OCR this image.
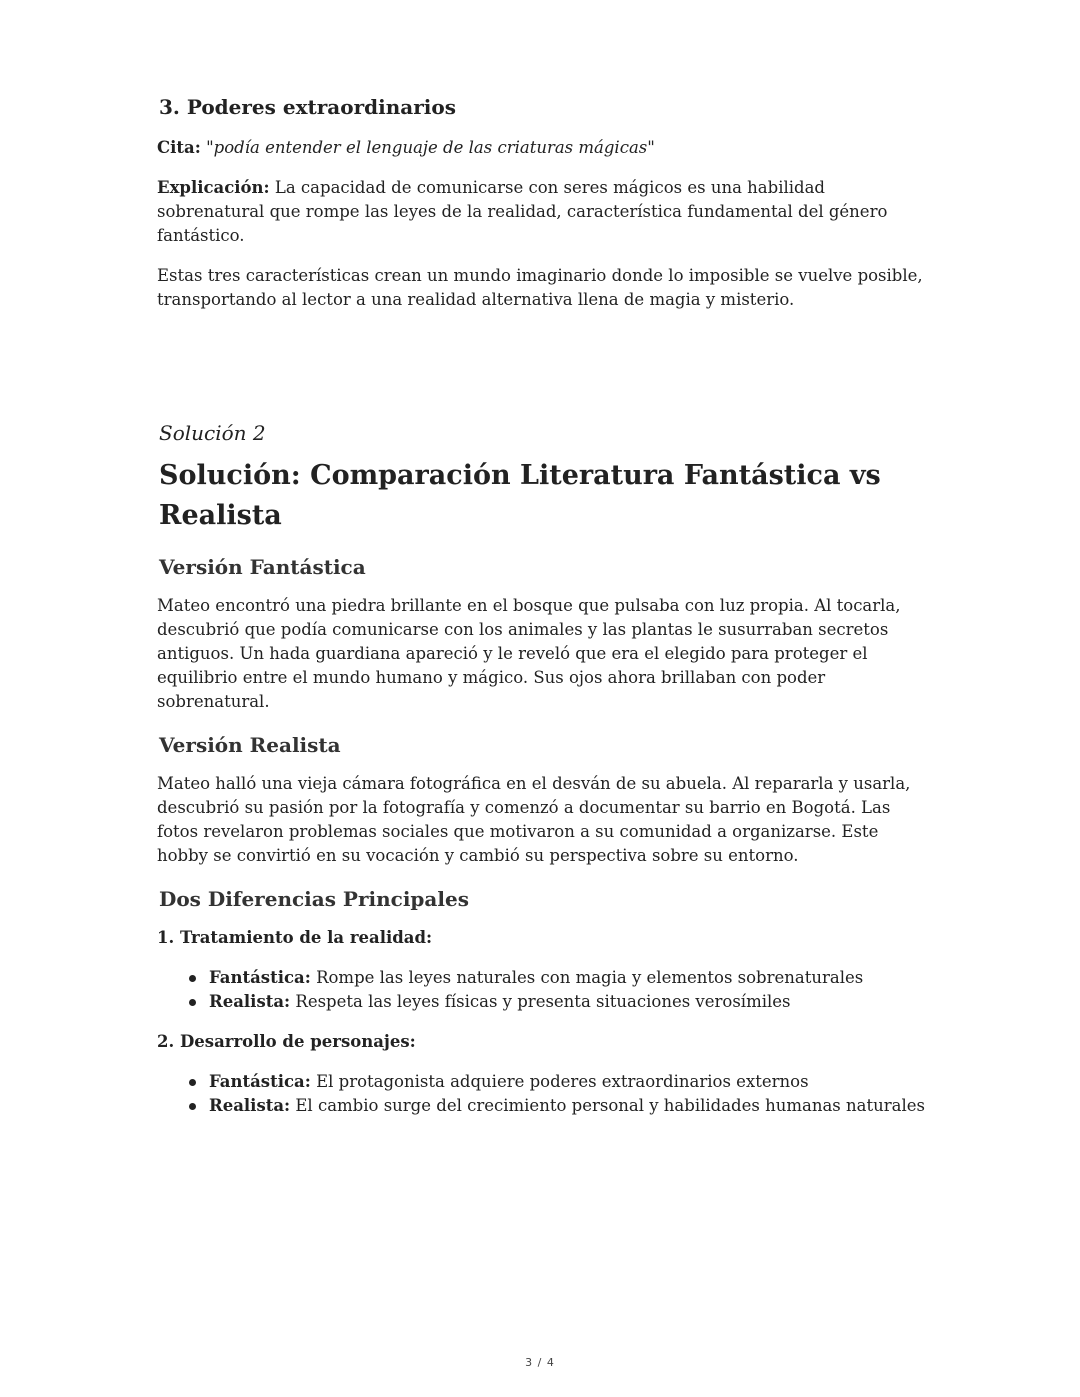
3. Poderes extraordinarios

Cita: "podía entender el lenguaje de las criaturas mágicas"

Explicación: La capacidad de comunicarse con seres mágicos es una habilidad sobrenatural que rompe las leyes de la realidad, característica fundamental del género fantástico.

Estas tres características crean un mundo imaginario donde lo imposible se vuelve posible, transportando al lector a una realidad alternativa llena de magia y misterio.

Solución 2
Solución: Comparación Literatura Fantástica vs Realista
Versión Fantástica

Mateo encontró una piedra brillante en el bosque que pulsaba con luz propia. Al tocarla, descubrió que podía comunicarse con los animales y las plantas le susurraban secretos antiguos. Un hada guardiana apareció y le reveló que era el elegido para proteger el equilibrio entre el mundo humano y mágico. Sus ojos ahora brillaban con poder sobrenatural.

Versión Realista

Mateo halló una vieja cámara fotográfica en el desván de su abuela. Al repararla y usarla, descubrió su pasión por la fotografía y comenzó a documentar su barrio en Bogotá. Las fotos revelaron problemas sociales que motivaron a su comunidad a organizarse. Este hobby se convirtió en su vocación y cambió su perspectiva sobre su entorno.

Dos Diferencias Principales
1. Tratamiento de la realidad:
Fantástica: Rompe las leyes naturales con magia y elementos sobrenaturales
Realista: Respeta las leyes físicas y presenta situaciones verosímiles
2. Desarrollo de personajes:
Fantástica: El protagonista adquiere poderes extraordinarios externos
Realista: El cambio surge del crecimiento personal y habilidades humanas naturales
3 / 4
